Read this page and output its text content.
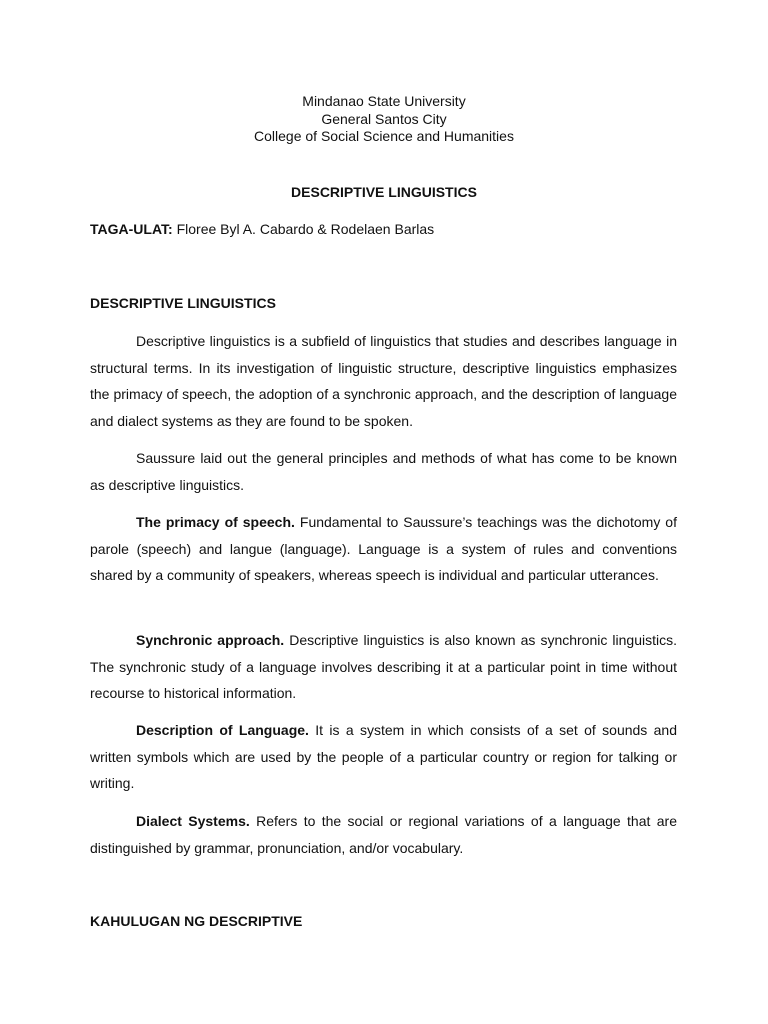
Mindanao State University
General Santos City
College of Social Science and Humanities
DESCRIPTIVE LINGUISTICS
TAGA-ULAT: Floree Byl A. Cabardo & Rodelaen Barlas
DESCRIPTIVE LINGUISTICS

Descriptive linguistics is a subfield of linguistics that studies and describes language in structural terms. In its investigation of linguistic structure, descriptive linguistics emphasizes the primacy of speech, the adoption of a synchronic approach, and the description of language and dialect systems as they are found to be spoken.

Saussure laid out the general principles and methods of what has come to be known as descriptive linguistics.

The primacy of speech. Fundamental to Saussure’s teachings was the dichotomy of parole (speech) and langue (language). Language is a system of rules and conventions shared by a community of speakers, whereas speech is individual and particular utterances.

Synchronic approach. Descriptive linguistics is also known as synchronic linguistics. The synchronic study of a language involves describing it at a particular point in time without recourse to historical information.

Description of Language. It is a system in which consists of a set of sounds and written symbols which are used by the people of a particular country or region for talking or writing.

Dialect Systems. Refers to the social or regional variations of a language that are distinguished by grammar, pronunciation, and/or vocabulary.

KAHULUGAN NG DESCRIPTIVE
